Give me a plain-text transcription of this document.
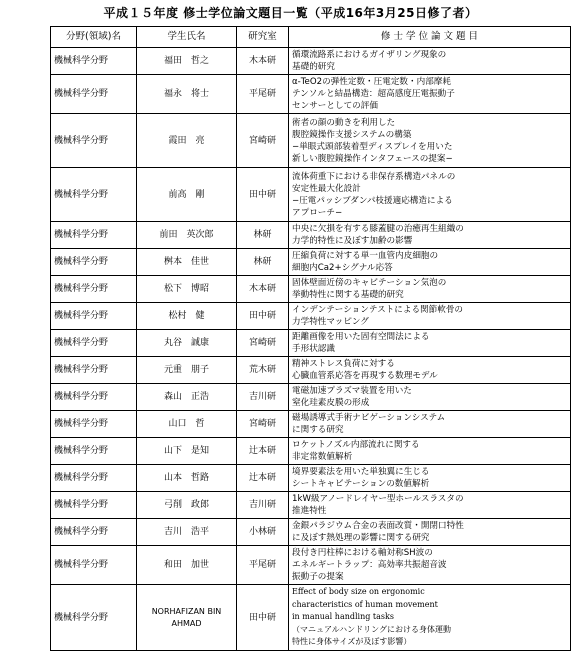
平成１５年度 修士学位論文題目一覧（平成16年3月25日修了者）
分野(領域)名	学生氏名	研究室	修 士 学 位 論 文 題 目
機械科学分野	福田　哲之	木本研	循環流路系におけるガイザリング現象の
基礎的研究
機械科学分野	福永　将士	平尾研	α-TeO2の弾性定数・圧電定数・内部摩耗
テンソルと結晶構造：超高感度圧電振動子
センサーとしての評価
機械科学分野	霞田　亮	宮崎研	術者の顔の動きを利用した
腹腔鏡操作支援システムの構築
−単眼式頭部装着型ディスプレイを用いた
新しい腹腔鏡操作インタフェースの提案−
機械科学分野	前高　剛	田中研	流体荷重下における非保存系構造パネルの
安定性最大化設計
−圧電パッシブダンパ枝援適応構造による
アプローチ−
機械科学分野	前田　英次郎	林研	中央に欠損を有する膝蓋腱の治癒再生組織の
力学的特性に及ぼす加齢の影響
機械科学分野	桝本　佳世	林研	圧縮負荷に対する単一血管内皮細胞の
細胞内Ca2+シグナル応答
機械科学分野	松下　博昭	木本研	固体壁面近傍のキャビテーション気泡の
挙動特性に関する基礎的研究
機械科学分野	松村　健	田中研	インデンテーションテストによる関節軟骨の
力学特性マッピング
機械科学分野	丸谷　誠康	宮崎研	距離画像を用いた固有空間法による
手形状認識
機械科学分野	元重　朋子	荒木研	精神ストレス負荷に対する
心臓血管系応答を再現する数理モデル
機械科学分野	森山　正浩	吉川研	電磁加速プラズマ装置を用いた
窒化珪素皮膜の形成
機械科学分野	山口　哲	宮崎研	磁場誘導式手術ナビゲーションシステム
に関する研究
機械科学分野	山下　是知	辻本研	ロケットノズル内部流れに関する
非定常数値解析
機械科学分野	山本　哲路	辻本研	境界要素法を用いた単独翼に生じる
シートキャビテーションの数値解析
機械科学分野	弓削　政郎	吉川研	1kW級アノードレイヤー型ホールスラスタの
推進特性
機械科学分野	吉川　浩平	小林研	金銀パラジウム合金の表面改質・開閉口特性
に及ぼす熱処理の影響に関する研究
機械科学分野	和田　加世	平尾研	段付き円柱棒における軸対称SH波の
エネルギートラップ：高効率共振超音波
振動子の提案
機械科学分野	NORHAFIZAN BIN AHMAD	田中研	Effect of body size on ergonomic
characteristics of human movement
in manual handling tasks
（マニュアルハンドリングにおける身体運動
特性に身体サイズが及ぼす影響）
